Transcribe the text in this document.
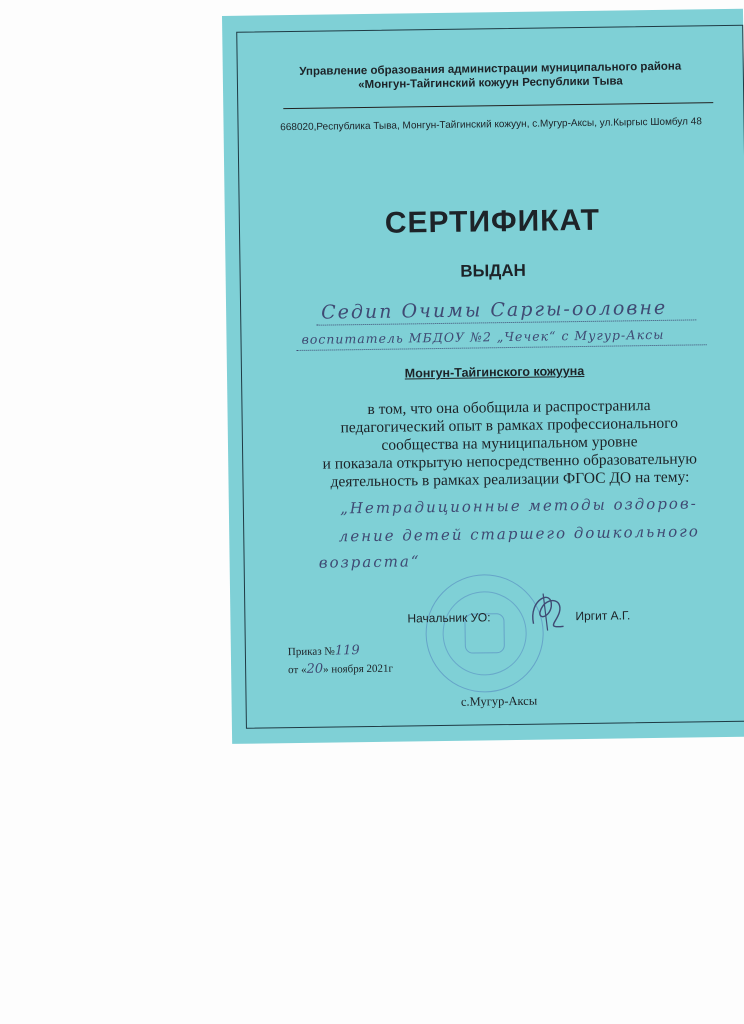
Управление образования администрации муниципального района
«Монгун-Тайгинский кожуун Республики Тыва
668020,Республика Тыва, Монгун-Тайгинский кожуун, с.Мугур-Аксы, ул.Кыргыс Шомбул 48
СЕРТИФИКАТ
ВЫДАН
Седип Очимы Саргы-ооловне
воспитатель МБДОУ №2 „Чечек“ с Мугур-Аксы
Монгун-Тайгинского кожууна
в том, что она обобщила и распространила
педагогический опыт в рамках профессионального
сообщества на муниципальном уровне
и показала открытую непосредственно образовательную
деятельность в рамках реализации ФГОС ДО на тему:
„Нетрадиционные методы оздоров-
ление детей старшего дошкольного
возраста“
Начальник УО:	Иргит А.Г.
Приказ №119
от «20» ноября 2021г
с.Мугур-Аксы
